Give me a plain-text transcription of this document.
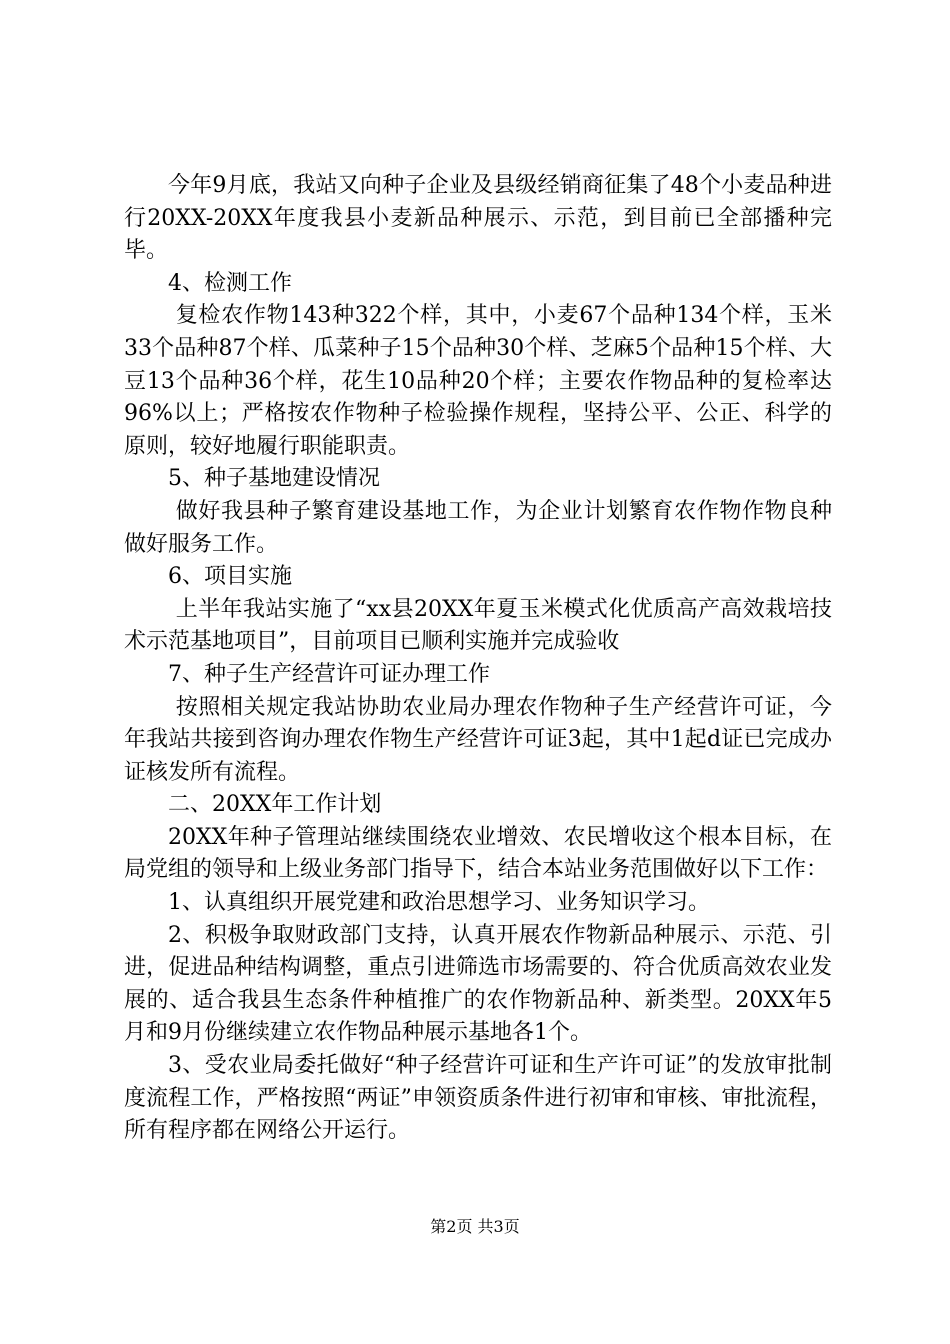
今年9月底，我站又向种子企业及县级经销商征集了48个小麦品种进行20XX-20XX年度我县小麦新品种展示、示范，到目前已全部播种完毕。

4、检测工作

复检农作物143种322个样，其中，小麦67个品种134个样，玉米33个品种87个样、瓜菜种子15个品种30个样、芝麻5个品种15个样、大豆13个品种36个样，花生10品种20个样；主要农作物品种的复检率达96%以上；严格按农作物种子检验操作规程，坚持公平、公正、科学的原则，较好地履行职能职责。

5、种子基地建设情况

做好我县种子繁育建设基地工作，为企业计划繁育农作物作物良种做好服务工作。

6、项目实施

上半年我站实施了“xx县20XX年夏玉米模式化优质高产高效栽培技术示范基地项目”，目前项目已顺利实施并完成验收

7、种子生产经营许可证办理工作

按照相关规定我站协助农业局办理农作物种子生产经营许可证，今年我站共接到咨询办理农作物生产经营许可证3起，其中1起d证已完成办证核发所有流程。

二、20XX年工作计划

20XX年种子管理站继续围绕农业增效、农民增收这个根本目标，在局党组的领导和上级业务部门指导下，结合本站业务范围做好以下工作：

1、认真组织开展党建和政治思想学习、业务知识学习。

2、积极争取财政部门支持，认真开展农作物新品种展示、示范、引进，促进品种结构调整，重点引进筛选市场需要的、符合优质高效农业发展的、适合我县生态条件种植推广的农作物新品种、新类型。20XX年5月和9月份继续建立农作物品种展示基地各1个。

3、受农业局委托做好“种子经营许可证和生产许可证”的发放审批制度流程工作，严格按照“两证”申领资质条件进行初审和审核、审批流程，所有程序都在网络公开运行。

第2页 共3页
